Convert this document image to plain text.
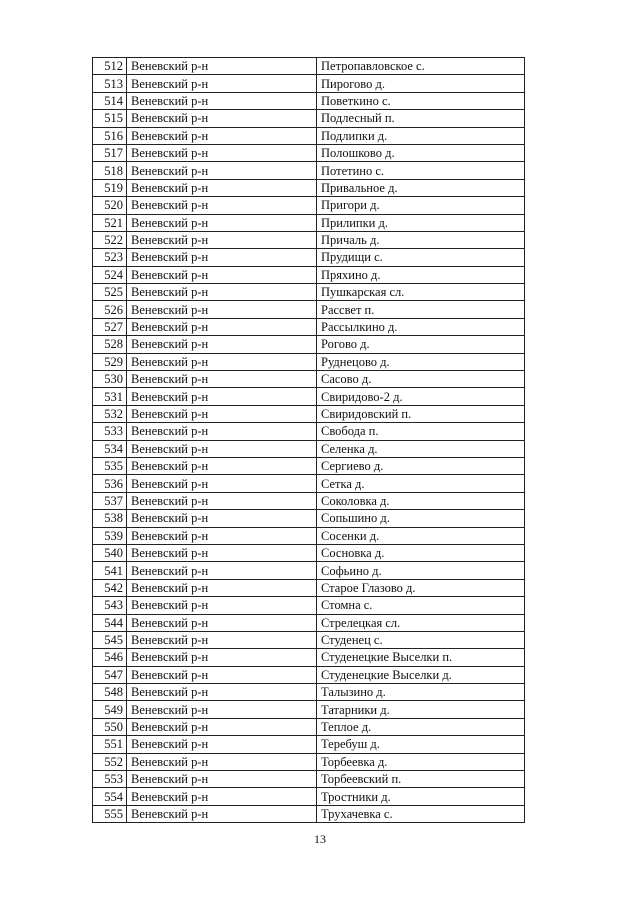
512	Веневский р-н	Петропавловское с.
513	Веневский р-н	Пирогово д.
514	Веневский р-н	Поветкино с.
515	Веневский р-н	Подлесный п.
516	Веневский р-н	Подлипки д.
517	Веневский р-н	Полошково д.
518	Веневский р-н	Потетино с.
519	Веневский р-н	Привальное д.
520	Веневский р-н	Пригори д.
521	Веневский р-н	Прилипки д.
522	Веневский р-н	Причаль д.
523	Веневский р-н	Прудищи с.
524	Веневский р-н	Пряхино д.
525	Веневский р-н	Пушкарская сл.
526	Веневский р-н	Рассвет п.
527	Веневский р-н	Рассылкино д.
528	Веневский р-н	Рогово д.
529	Веневский р-н	Руднецово д.
530	Веневский р-н	Сасово д.
531	Веневский р-н	Свиридово-2 д.
532	Веневский р-н	Свиридовский п.
533	Веневский р-н	Свобода п.
534	Веневский р-н	Селенка д.
535	Веневский р-н	Сергиево д.
536	Веневский р-н	Сетка д.
537	Веневский р-н	Соколовка д.
538	Веневский р-н	Сопьшино д.
539	Веневский р-н	Сосенки д.
540	Веневский р-н	Сосновка д.
541	Веневский р-н	Софьино д.
542	Веневский р-н	Старое Глазово д.
543	Веневский р-н	Стомна с.
544	Веневский р-н	Стрелецкая сл.
545	Веневский р-н	Студенец с.
546	Веневский р-н	Студенецкие Выселки п.
547	Веневский р-н	Студенецкие Выселки д.
548	Веневский р-н	Талызино д.
549	Веневский р-н	Татарники д.
550	Веневский р-н	Теплое д.
551	Веневский р-н	Теребуш д.
552	Веневский р-н	Торбеевка д.
553	Веневский р-н	Торбеевский п.
554	Веневский р-н	Тростники д.
555	Веневский р-н	Трухачевка с.
13
